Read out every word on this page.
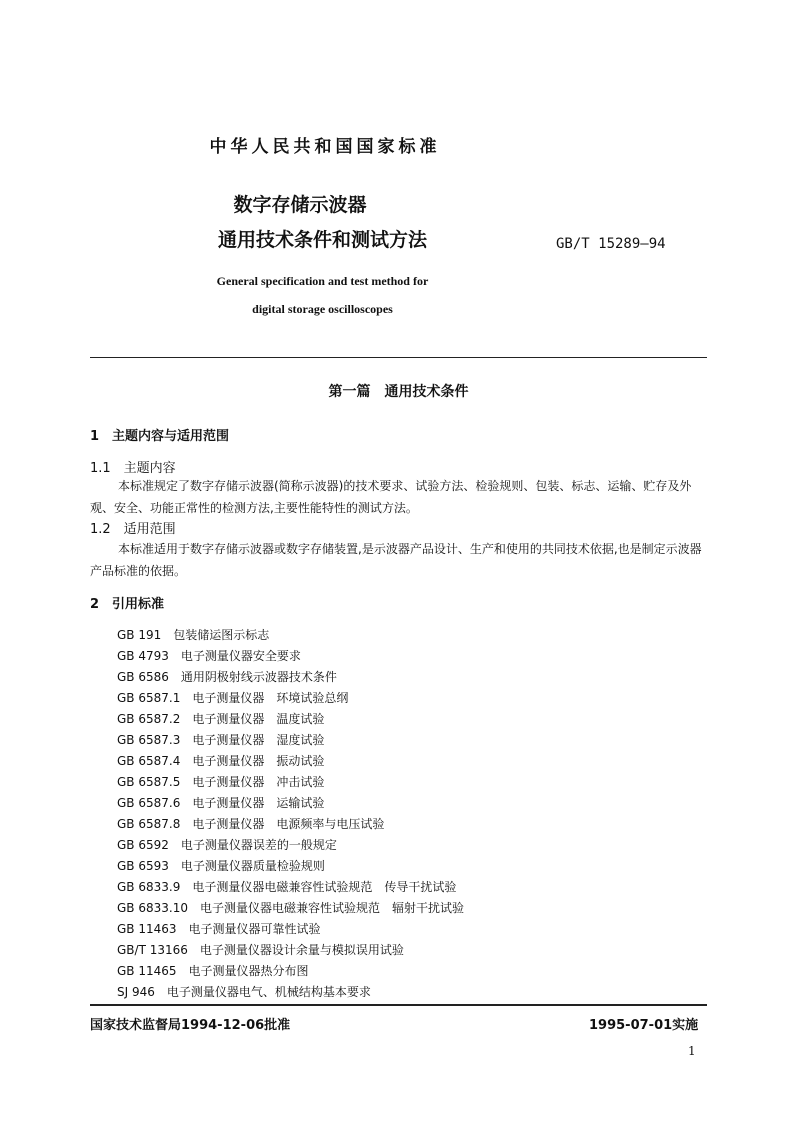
中华人民共和国国家标准
数字存储示波器
通用技术条件和测试方法	GB/T 15289—94
General specification and test method for
digital storage oscilloscopes
第一篇　通用技术条件
1　主题内容与适用范围
1.1　主题内容
本标准规定了数字存储示波器(简称示波器)的技术要求、试验方法、检验规则、包装、标志、运输、贮存及外观、安全、功能正常性的检测方法,主要性能特性的测试方法。
1.2　适用范围
本标准适用于数字存储示波器或数字存储装置,是示波器产品设计、生产和使用的共同技术依据,也是制定示波器产品标准的依据。
2　引用标准
GB 191　包装储运图示标志
GB 4793　电子测量仪器安全要求
GB 6586　通用阴极射线示波器技术条件
GB 6587.1　电子测量仪器　环境试验总纲
GB 6587.2　电子测量仪器　温度试验
GB 6587.3　电子测量仪器　湿度试验
GB 6587.4　电子测量仪器　振动试验
GB 6587.5　电子测量仪器　冲击试验
GB 6587.6　电子测量仪器　运输试验
GB 6587.8　电子测量仪器　电源频率与电压试验
GB 6592　电子测量仪器误差的一般规定
GB 6593　电子测量仪器质量检验规则
GB 6833.9　电子测量仪器电磁兼容性试验规范　传导干扰试验
GB 6833.10　电子测量仪器电磁兼容性试验规范　辐射干扰试验
GB 11463　电子测量仪器可靠性试验
GB/T 13166　电子测量仪器设计余量与模拟误用试验
GB 11465　电子测量仪器热分布图
SJ 946　电子测量仪器电气、机械结构基本要求
国家技术监督局1994-12-06批准	1995-07-01实施
1
